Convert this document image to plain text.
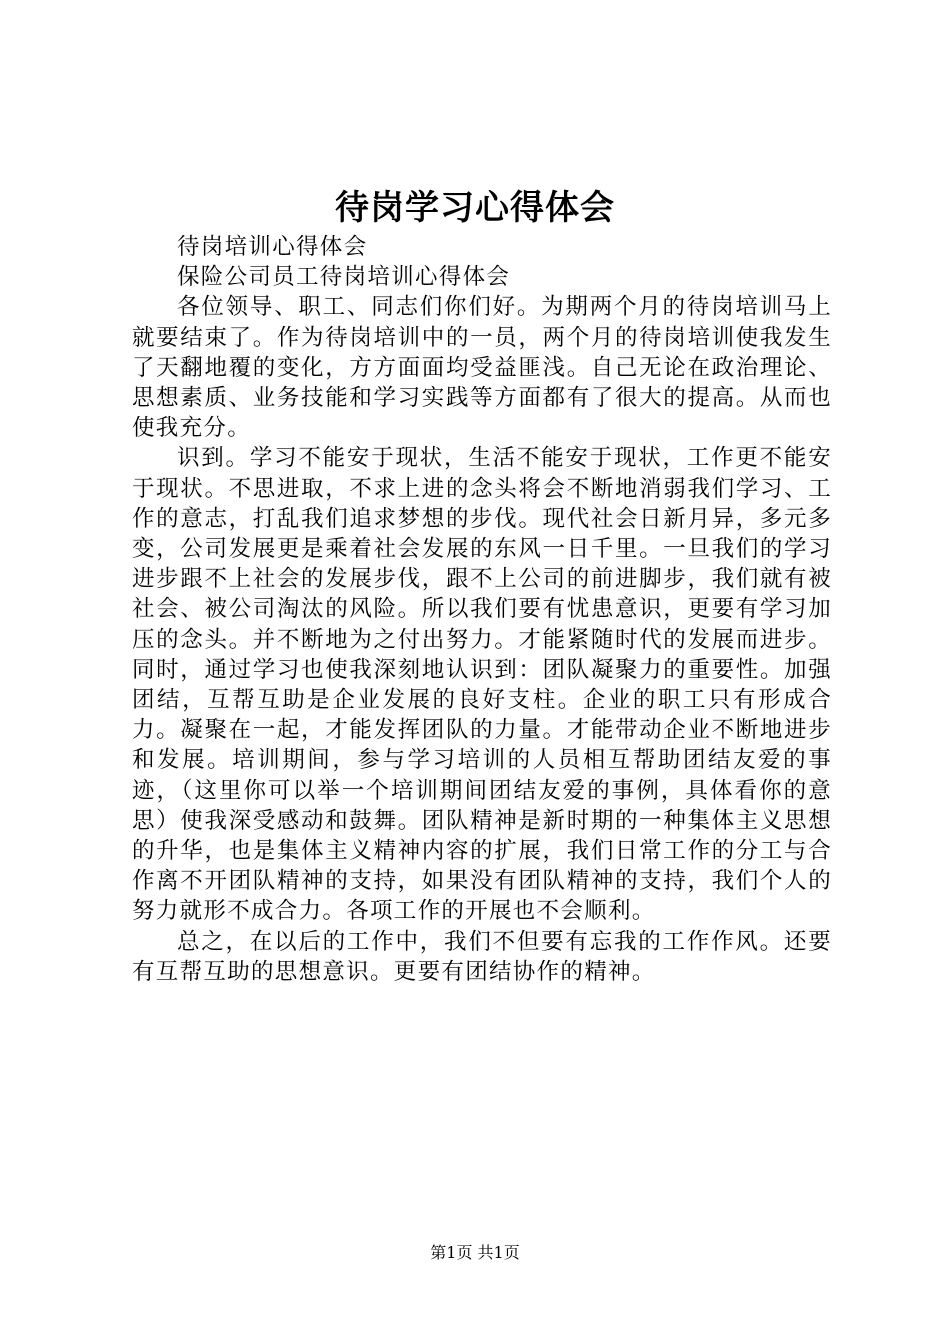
待岗学习心得体会

待岗培训心得体会

保险公司员工待岗培训心得体会

各位领导、职工、同志们你们好。为期两个月的待岗培训马上就要结束了。作为待岗培训中的一员，两个月的待岗培训使我发生了天翻地覆的变化，方方面面均受益匪浅。自己无论在政治理论、思想素质、业务技能和学习实践等方面都有了很大的提高。从而也使我充分。

识到。学习不能安于现状，生活不能安于现状，工作更不能安于现状。不思进取，不求上进的念头将会不断地消弱我们学习、工作的意志，打乱我们追求梦想的步伐。现代社会日新月异，多元多变，公司发展更是乘着社会发展的东风一日千里。一旦我们的学习进步跟不上社会的发展步伐，跟不上公司的前进脚步，我们就有被社会、被公司淘汰的风险。所以我们要有忧患意识，更要有学习加压的念头。并不断地为之付出努力。才能紧随时代的发展而进步。同时，通过学习也使我深刻地认识到：团队凝聚力的重要性。加强团结，互帮互助是企业发展的良好支柱。企业的职工只有形成合力。凝聚在一起，才能发挥团队的力量。才能带动企业不断地进步和发展。培训期间，参与学习培训的人员相互帮助团结友爱的事迹，（这里你可以举一个培训期间团结友爱的事例，具体看你的意思）使我深受感动和鼓舞。团队精神是新时期的一种集体主义思想的升华，也是集体主义精神内容的扩展，我们日常工作的分工与合作离不开团队精神的支持，如果没有团队精神的支持，我们个人的努力就形不成合力。各项工作的开展也不会顺利。

总之，在以后的工作中，我们不但要有忘我的工作作风。还要有互帮互助的思想意识。更要有团结协作的精神。

第1页 共1页
